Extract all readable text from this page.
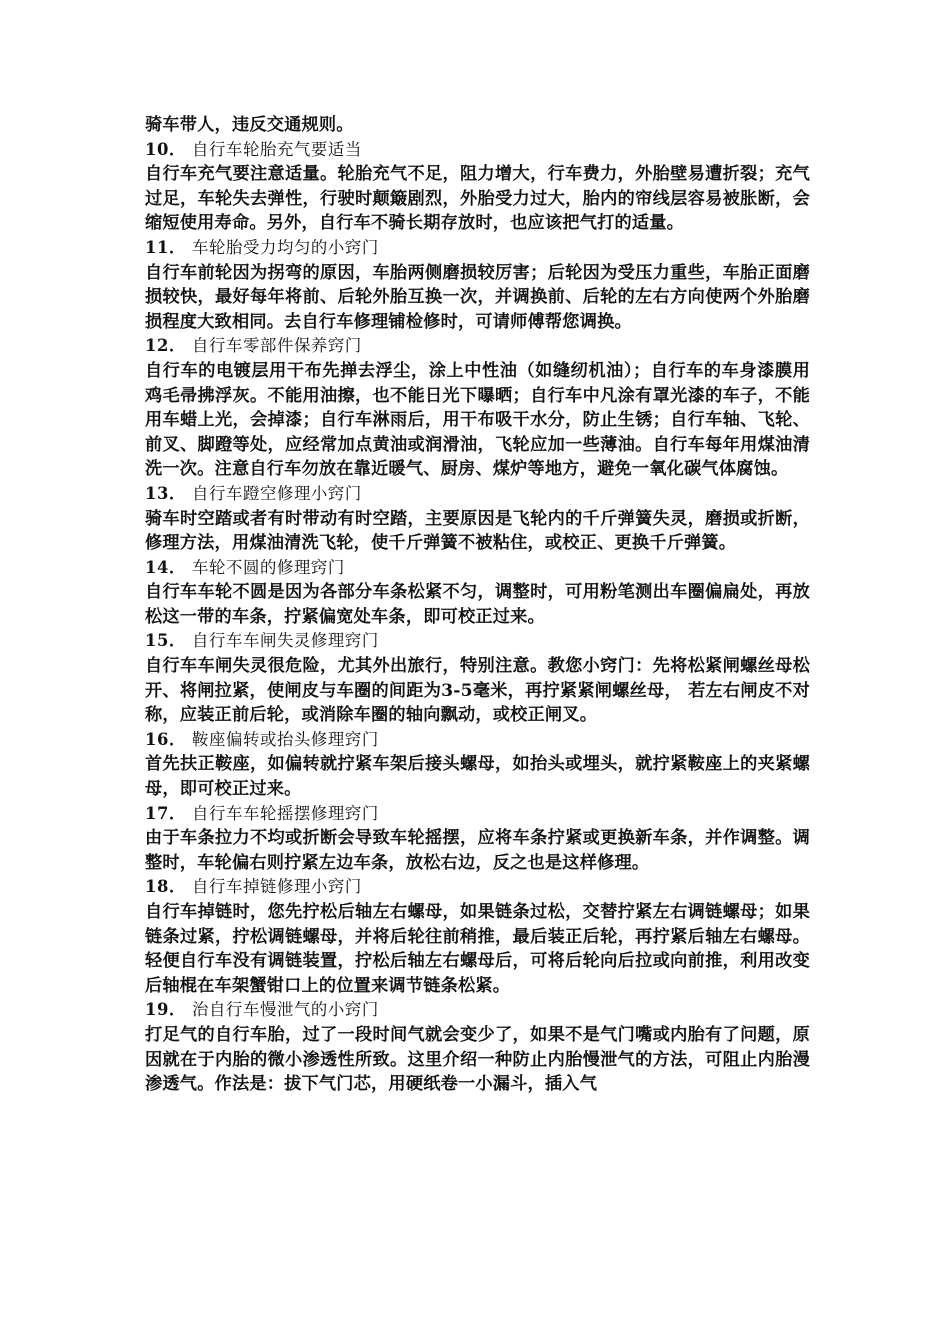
骑车带人，违反交通规则。

10． 自行车轮胎充气要适当

自行车充气要注意适量。轮胎充气不足，阻力增大，行车费力，外胎壁易遭折裂；充气过足，车轮失去弹性，行驶时颠簸剧烈，外胎受力过大，胎内的帘线层容易被胀断，会缩短使用寿命。另外，自行车不骑长期存放时，也应该把气打的适量。

11． 车轮胎受力均匀的小窍门

自行车前轮因为拐弯的原因，车胎两侧磨损较厉害；后轮因为受压力重些，车胎正面磨损较快，最好每年将前、后轮外胎互换一次，并调换前、后轮的左右方向使两个外胎磨损程度大致相同。去自行车修理铺检修时，可请师傅帮您调换。

12． 自行车零部件保养窍门

自行车的电镀层用干布先掸去浮尘，涂上中性油（如缝纫机油）；自行车的车身漆膜用鸡毛帚拂浮灰。不能用油擦，也不能日光下曝晒；自行车中凡涂有罩光漆的车子，不能用车蜡上光，会掉漆；自行车淋雨后，用干布吸干水分，防止生锈；自行车轴、飞轮、前叉、脚蹬等处，应经常加点黄油或润滑油，飞轮应加一些薄油。自行车每年用煤油清洗一次。注意自行车勿放在靠近暖气、厨房、煤炉等地方，避免一氧化碳气体腐蚀。

13． 自行车蹬空修理小窍门

骑车时空踏或者有时带动有时空踏，主要原因是飞轮内的千斤弹簧失灵，磨损或折断，修理方法，用煤油清洗飞轮，使千斤弹簧不被粘住，或校正、更换千斤弹簧。

14． 车轮不圆的修理窍门

自行车车轮不圆是因为各部分车条松紧不匀，调整时，可用粉笔测出车圈偏扁处，再放松这一带的车条，拧紧偏宽处车条，即可校正过来。

15． 自行车车闸失灵修理窍门

自行车车闸失灵很危险，尤其外出旅行，特别注意。教您小窍门：先将松紧闸螺丝母松开、将闸拉紧，使闸皮与车圈的间距为3-5毫米，再拧紧紧闸螺丝母， 若左右闸皮不对称，应装正前后轮，或消除车圈的轴向飘动，或校正闸叉。

16． 鞍座偏转或抬头修理窍门

首先扶正鞍座，如偏转就拧紧车架后接头螺母，如抬头或埋头，就拧紧鞍座上的夹紧螺母，即可校正过来。

17． 自行车车轮摇摆修理窍门

由于车条拉力不均或折断会导致车轮摇摆，应将车条拧紧或更换新车条，并作调整。调整时，车轮偏右则拧紧左边车条，放松右边，反之也是这样修理。

18． 自行车掉链修理小窍门

自行车掉链时，您先拧松后轴左右螺母，如果链条过松，交替拧紧左右调链螺母；如果链条过紧，拧松调链螺母，并将后轮往前稍推，最后装正后轮，再拧紧后轴左右螺母。轻便自行车没有调链装置，拧松后轴左右螺母后，可将后轮向后拉或向前推，利用改变后轴棍在车架蟹钳口上的位置来调节链条松紧。

19． 治自行车慢泄气的小窍门

打足气的自行车胎，过了一段时间气就会变少了，如果不是气门嘴或内胎有了问题，原因就在于内胎的微小渗透性所致。这里介绍一种防止内胎慢泄气的方法，可阻止内胎漫渗透气。作法是：拔下气门芯，用硬纸卷一小漏斗，插入气
